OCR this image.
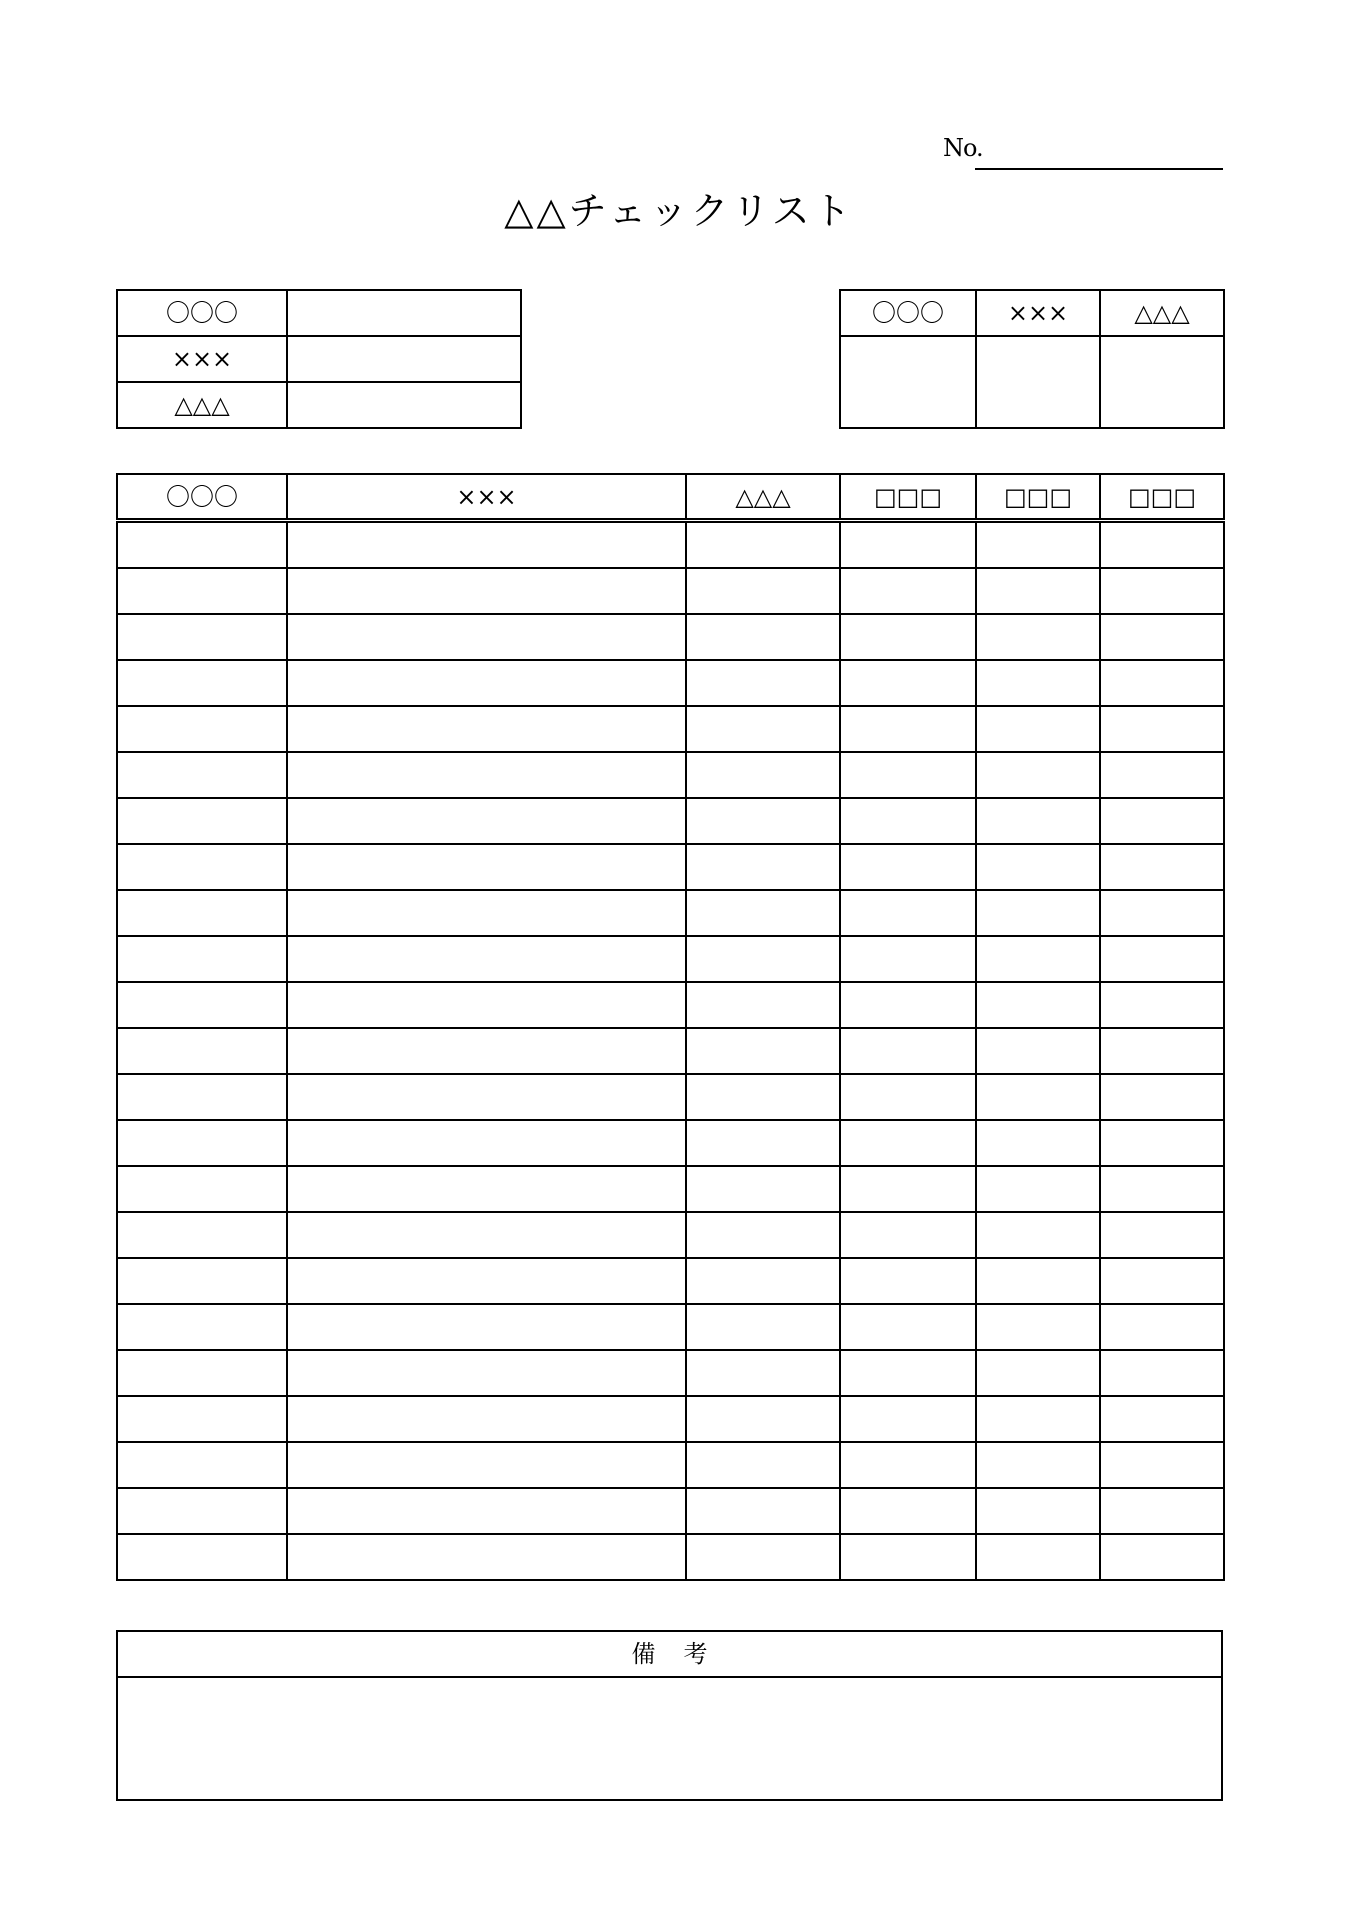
No.
△△チェックリスト
〇〇〇	
×××	
△△△	
〇〇〇	×××	△△△

〇〇〇	×××	△△△	□□□	□□□	□□□

備考
